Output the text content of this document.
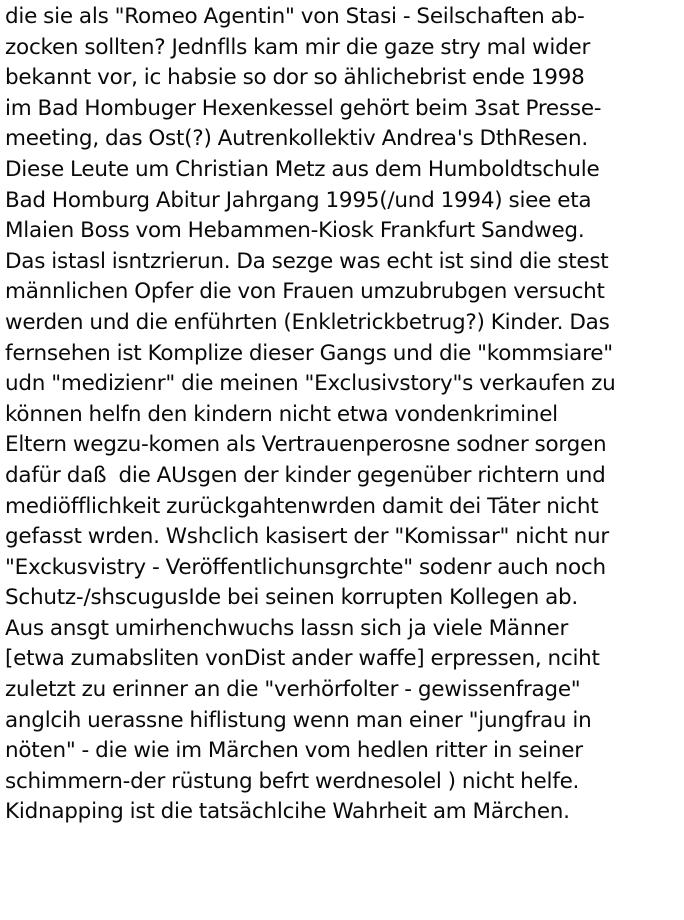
die sie als "Romeo Agentin" von Stasi - Seilschaften ab-
zocken sollten? Jednflls kam mir die gaze stry mal wider
bekannt vor, ic habsie so dor so ählichebrist ende 1998
im Bad Hombuger Hexenkessel gehört beim 3sat Presse-
meeting, das Ost(?) Autrenkollektiv Andrea's DthResen.
Diese Leute um Christian Metz aus dem Humboldtschule
Bad Homburg Abitur Jahrgang 1995(/und 1994) siee eta
Mlaien Boss vom Hebammen-Kiosk Frankfurt Sandweg.
Das istasl isntzrierun. Da sezge was echt ist sind die stest
männlichen Opfer die von Frauen umzubrubgen versucht
werden und die enführten (Enkletrickbetrug?) Kinder. Das
fernsehen ist Komplize dieser Gangs und die "kommsiare"
udn "medizienr" die meinen "Exclusivstory"s verkaufen zu
können helfn den kindern nicht etwa vondenkriminel
Eltern wegzu-komen als Vertrauenperosne sodner sorgen
dafür daß  die AUsgen der kinder gegenüber richtern und
mediöfflichkeit zurückgahtenwrden damit dei Täter nicht
gefasst wrden. Wshclich kasisert der "Komissar" nicht nur
"Exckusvistry - Veröffentlichunsgrchte" sodenr auch noch
Schutz-/shscugusIde bei seinen korrupten Kollegen ab.
Aus ansgt umirhenchwuchs lassn sich ja viele Männer
[etwa zumabsliten vonDist ander waffe] erpressen, nciht
zuletzt zu erinner an die "verhörfolter - gewissenfrage"
anglcih uerassne hiflistung wenn man einer "jungfrau in
nöten" - die wie im Märchen vom hedlen ritter in seiner
schimmern-der rüstung befrt werdnesolel ) nicht helfe.
Kidnapping ist die tatsächlcihe Wahrheit am Märchen.
